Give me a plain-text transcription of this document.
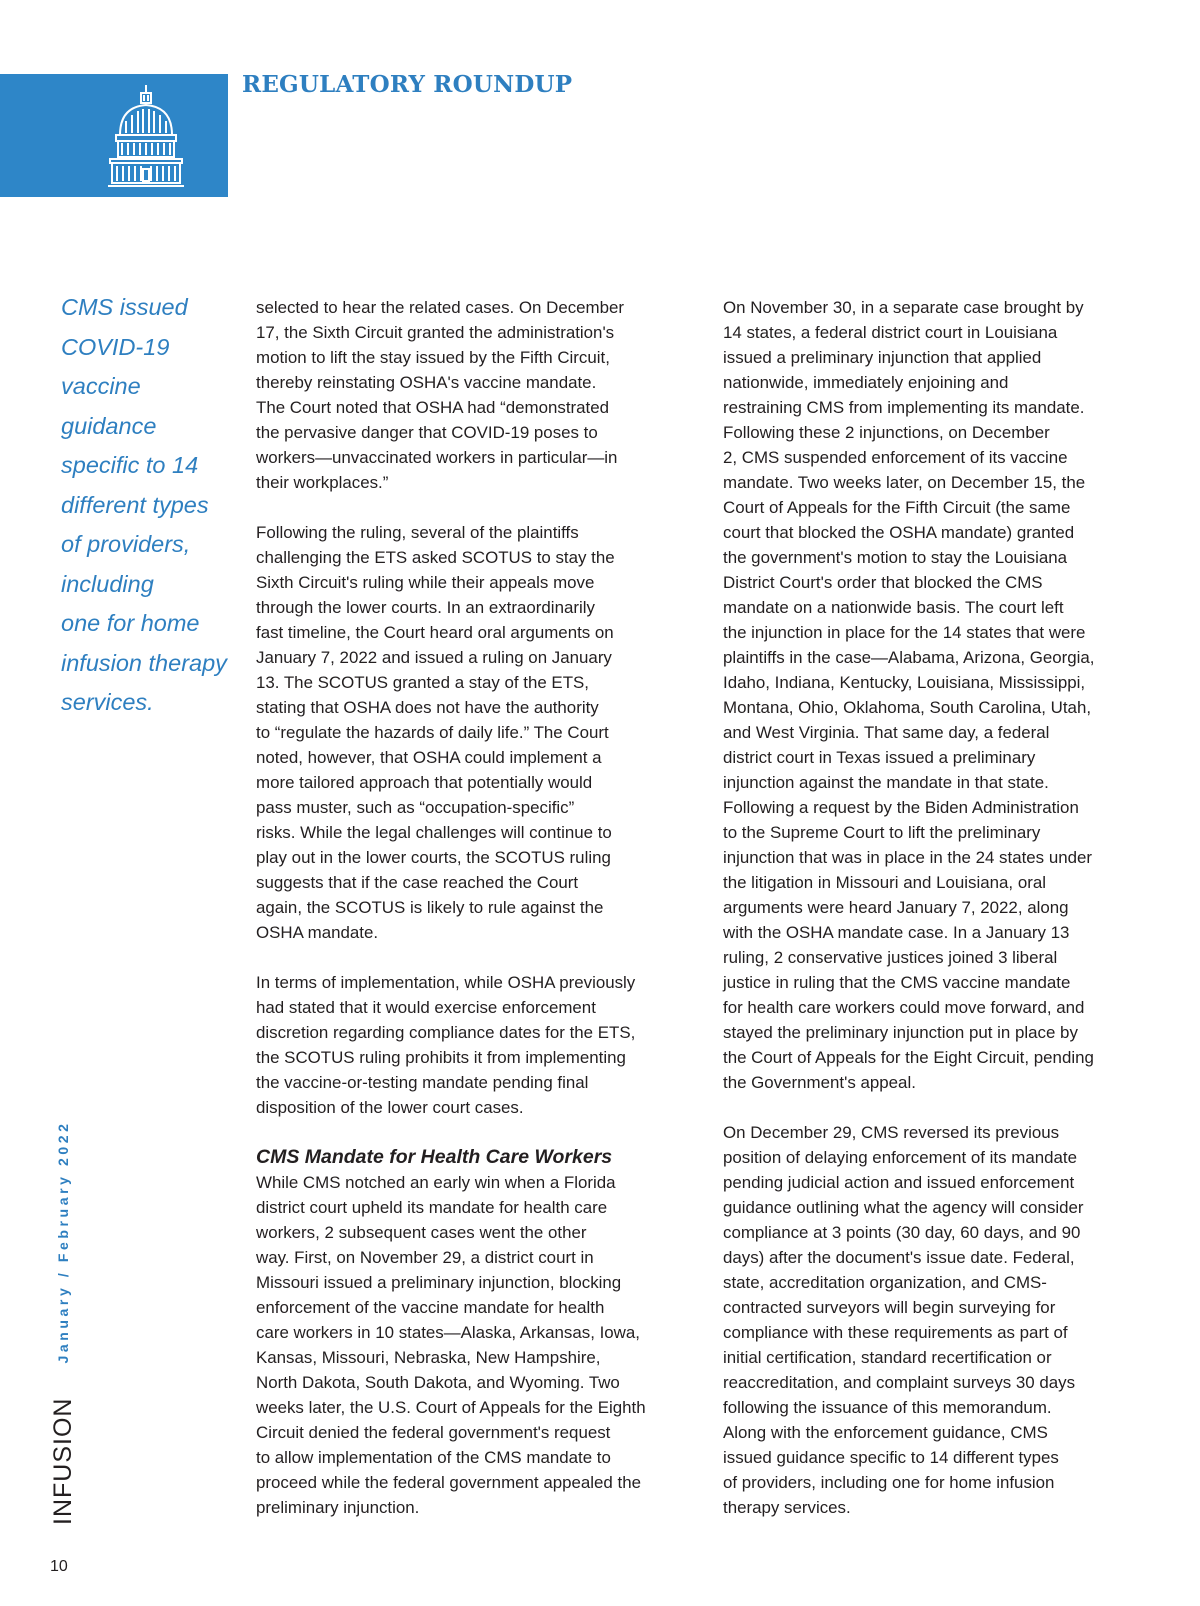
REGULATORY ROUNDUP
CMS issued
COVID-19
vaccine
guidance
specific to 14
different types
of providers,
including
one for home
infusion therapy
services.

selected to hear the related cases. On December
17, the Sixth Circuit granted the administration's
motion to lift the stay issued by the Fifth Circuit,
thereby reinstating OSHA's vaccine mandate.
The Court noted that OSHA had “demonstrated
the pervasive danger that COVID-19 poses to
workers—unvaccinated workers in particular—in
their workplaces.”

Following the ruling, several of the plaintiffs
challenging the ETS asked SCOTUS to stay the
Sixth Circuit's ruling while their appeals move
through the lower courts. In an extraordinarily
fast timeline, the Court heard oral arguments on
January 7, 2022 and issued a ruling on January
13. The SCOTUS granted a stay of the ETS,
stating that OSHA does not have the authority
to “regulate the hazards of daily life.” The Court
noted, however, that OSHA could implement a
more tailored approach that potentially would
pass muster, such as “occupation-specific”
risks. While the legal challenges will continue to
play out in the lower courts, the SCOTUS ruling
suggests that if the case reached the Court
again, the SCOTUS is likely to rule against the
OSHA mandate.

In terms of implementation, while OSHA previously
had stated that it would exercise enforcement
discretion regarding compliance dates for the ETS,
the SCOTUS ruling prohibits it from implementing
the vaccine-or-testing mandate pending final
disposition of the lower court cases.

CMS Mandate for Health Care Workers

While CMS notched an early win when a Florida
district court upheld its mandate for health care
workers, 2 subsequent cases went the other
way. First, on November 29, a district court in
Missouri issued a preliminary injunction, blocking
enforcement of the vaccine mandate for health
care workers in 10 states—Alaska, Arkansas, Iowa,
Kansas, Missouri, Nebraska, New Hampshire,
North Dakota, South Dakota, and Wyoming. Two
weeks later, the U.S. Court of Appeals for the Eighth
Circuit denied the federal government's request
to allow implementation of the CMS mandate to
proceed while the federal government appealed the
preliminary injunction.

On November 30, in a separate case brought by
14 states, a federal district court in Louisiana
issued a preliminary injunction that applied
nationwide, immediately enjoining and
restraining CMS from implementing its mandate.
Following these 2 injunctions, on December
2, CMS suspended enforcement of its vaccine
mandate. Two weeks later, on December 15, the
Court of Appeals for the Fifth Circuit (the same
court that blocked the OSHA mandate) granted
the government's motion to stay the Louisiana
District Court's order that blocked the CMS
mandate on a nationwide basis. The court left
the injunction in place for the 14 states that were
plaintiffs in the case—Alabama, Arizona, Georgia,
Idaho, Indiana, Kentucky, Louisiana, Mississippi,
Montana, Ohio, Oklahoma, South Carolina, Utah,
and West Virginia. That same day, a federal
district court in Texas issued a preliminary
injunction against the mandate in that state.
Following a request by the Biden Administration
to the Supreme Court to lift the preliminary
injunction that was in place in the 24 states under
the litigation in Missouri and Louisiana, oral
arguments were heard January 7, 2022, along
with the OSHA mandate case. In a January 13
ruling, 2 conservative justices joined 3 liberal
justice in ruling that the CMS vaccine mandate
for health care workers could move forward, and
stayed the preliminary injunction put in place by
the Court of Appeals for the Eight Circuit, pending
the Government's appeal.

On December 29, CMS reversed its previous
position of delaying enforcement of its mandate
pending judicial action and issued enforcement
guidance outlining what the agency will consider
compliance at 3 points (30 day, 60 days, and 90
days) after the document's issue date. Federal,
state, accreditation organization, and CMS-
contracted surveyors will begin surveying for
compliance with these requirements as part of
initial certification, standard recertification or
reaccreditation, and complaint surveys 30 days
following the issuance of this memorandum.
Along with the enforcement guidance, CMS
issued guidance specific to 14 different types
of providers, including one for home infusion
therapy services.

INFUSION
January / February 2022

10
